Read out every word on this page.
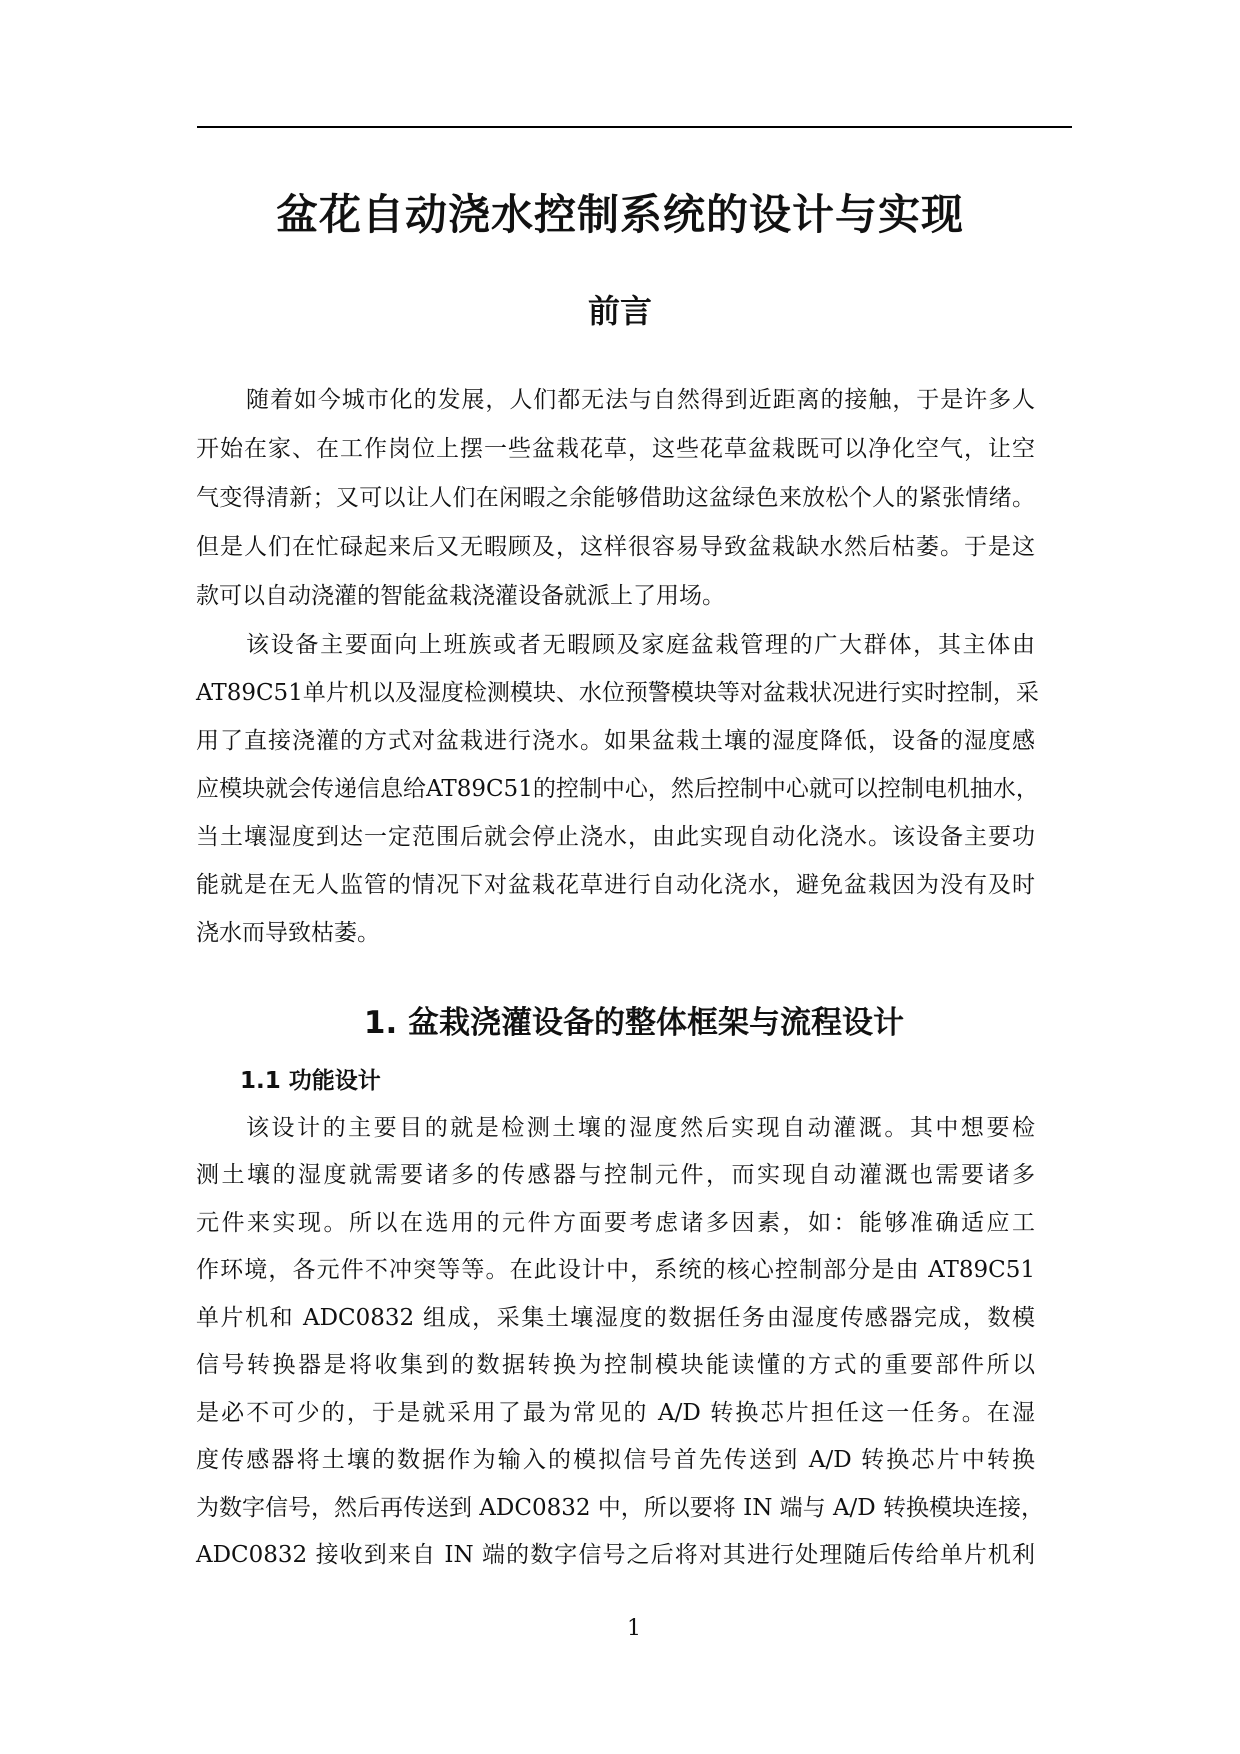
盆花自动浇水控制系统的设计与实现
前言
随着如今城市化的发展，人们都无法与自然得到近距离的接触，于是许多人
开始在家、在工作岗位上摆一些盆栽花草，这些花草盆栽既可以净化空气，让空
气变得清新；又可以让人们在闲暇之余能够借助这盆绿色来放松个人的紧张情绪。
但是人们在忙碌起来后又无暇顾及，这样很容易导致盆栽缺水然后枯萎。于是这
款可以自动浇灌的智能盆栽浇灌设备就派上了用场。
该设备主要面向上班族或者无暇顾及家庭盆栽管理的广大群体，其主体由
AT89C51单片机以及湿度检测模块、水位预警模块等对盆栽状况进行实时控制，采
用了直接浇灌的方式对盆栽进行浇水。如果盆栽土壤的湿度降低，设备的湿度感
应模块就会传递信息给AT89C51的控制中心，然后控制中心就可以控制电机抽水，
当土壤湿度到达一定范围后就会停止浇水，由此实现自动化浇水。该设备主要功
能就是在无人监管的情况下对盆栽花草进行自动化浇水，避免盆栽因为没有及时
浇水而导致枯萎。
1. 盆栽浇灌设备的整体框架与流程设计
1.1 功能设计
该设计的主要目的就是检测土壤的湿度然后实现自动灌溉。其中想要检
测土壤的湿度就需要诸多的传感器与控制元件，而实现自动灌溉也需要诸多
元件来实现。所以在选用的元件方面要考虑诸多因素，如：能够准确适应工
作环境，各元件不冲突等等。在此设计中，系统的核心控制部分是由 AT89C51
单片机和 ADC0832 组成，采集土壤湿度的数据任务由湿度传感器完成，数模
信号转换器是将收集到的数据转换为控制模块能读懂的方式的重要部件所以
是必不可少的，于是就采用了最为常见的 A/D 转换芯片担任这一任务。在湿
度传感器将土壤的数据作为输入的模拟信号首先传送到 A/D 转换芯片中转换
为数字信号，然后再传送到 ADC0832 中，所以要将 IN 端与 A/D 转换模块连接，
ADC0832 接收到来自 IN 端的数字信号之后将对其进行处理随后传给单片机利
1
